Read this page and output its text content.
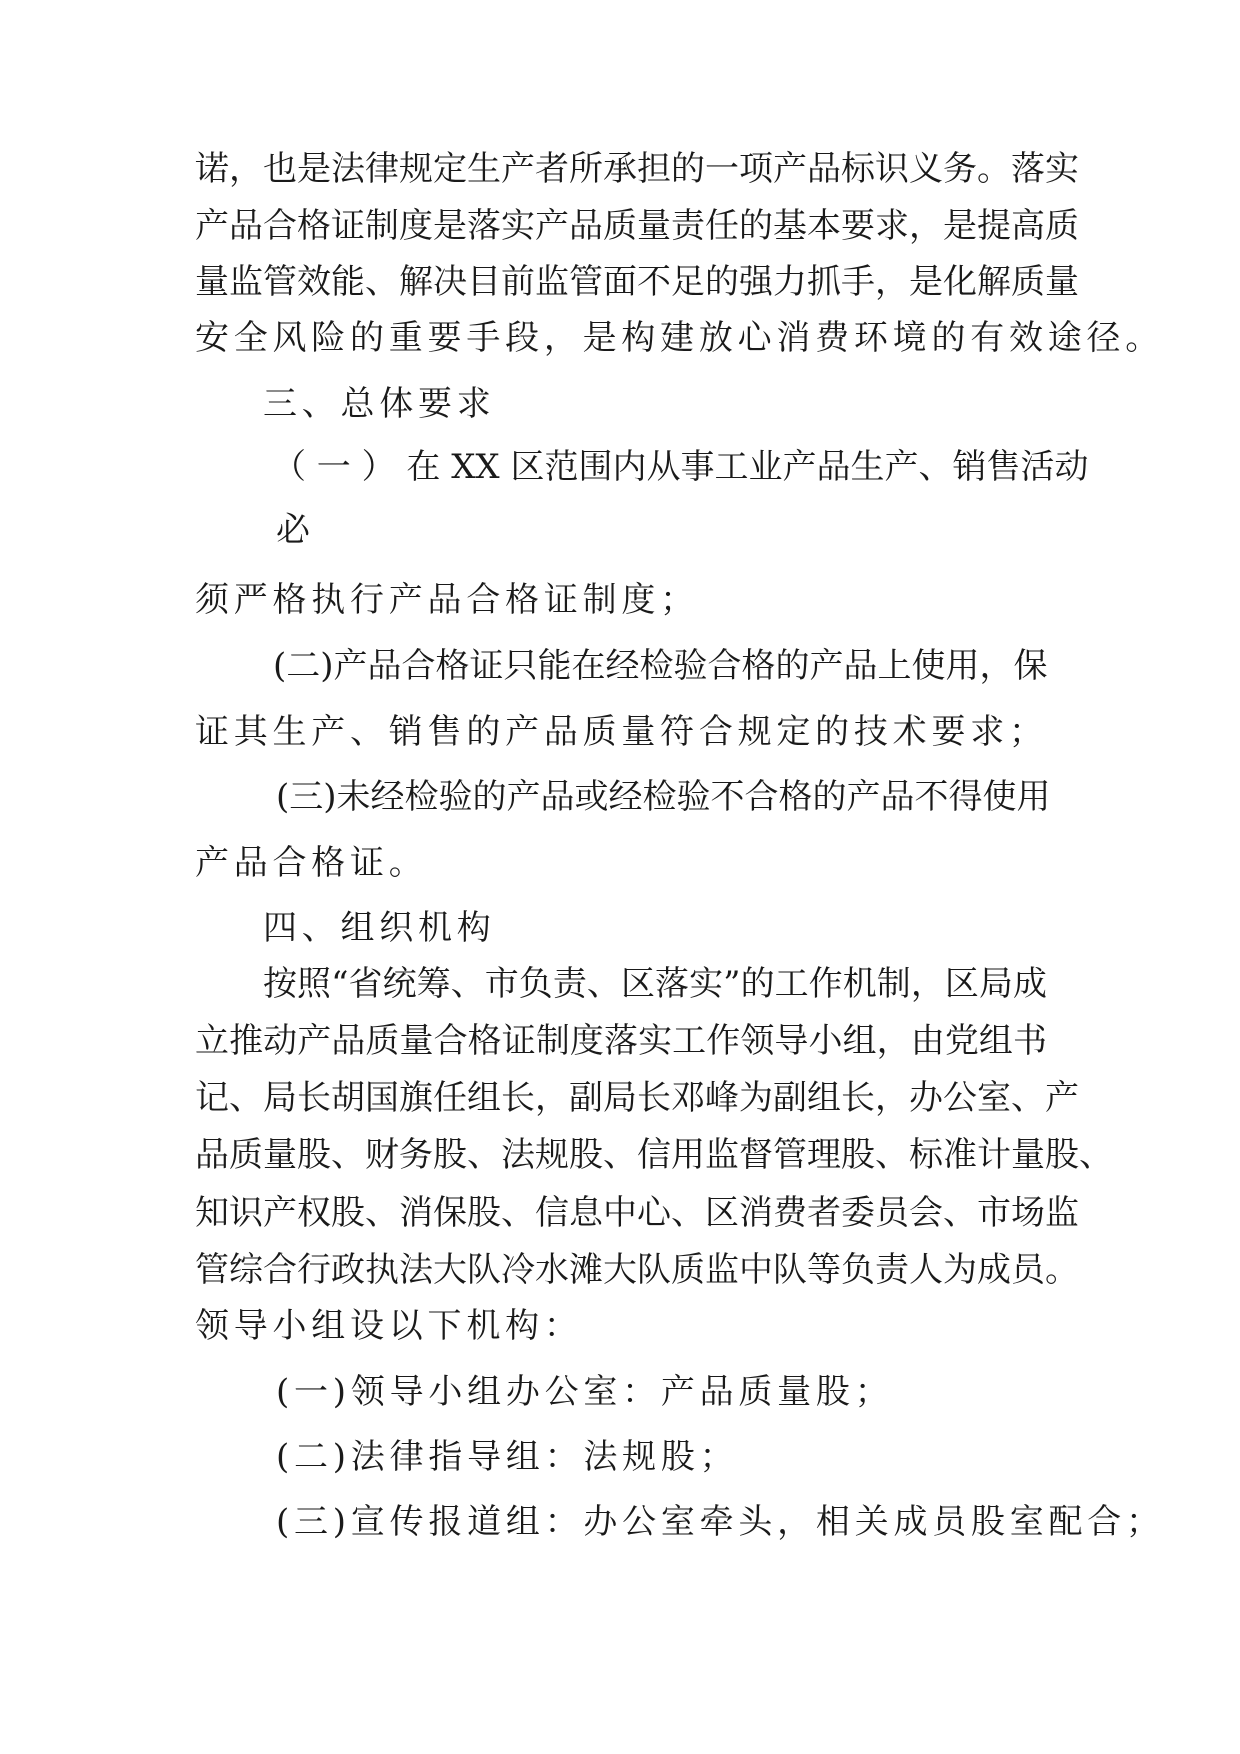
诺，也是法律规定生产者所承担的一项产品标识义务。落实

产品合格证制度是落实产品质量责任的基本要求，是提高质

量监管效能、解决目前监管面不足的强力抓手，是化解质量

安全风险的重要手段，是构建放心消费环境的有效途径。

三、总体要求

（ 一 ） 在 XX 区范围内从事工业产品生产、销售活动

必

须严格执行产品合格证制度；

(二)产品合格证只能在经检验合格的产品上使用，保

证其生产、销售的产品质量符合规定的技术要求；

(三)未经检验的产品或经检验不合格的产品不得使用

产品合格证。

四、组织机构

按照“省统筹、市负责、区落实”的工作机制，区局成

立推动产品质量合格证制度落实工作领导小组，由党组书

记、局长胡国旗任组长，副局长邓峰为副组长，办公室、产

品质量股、财务股、法规股、信用监督管理股、标准计量股、

知识产权股、消保股、信息中心、区消费者委员会、市场监

管综合行政执法大队冷水滩大队质监中队等负责人为成员。

领导小组设以下机构：

(一)领导小组办公室：产品质量股；

(二)法律指导组：法规股；

(三)宣传报道组：办公室牵头，相关成员股室配合；
